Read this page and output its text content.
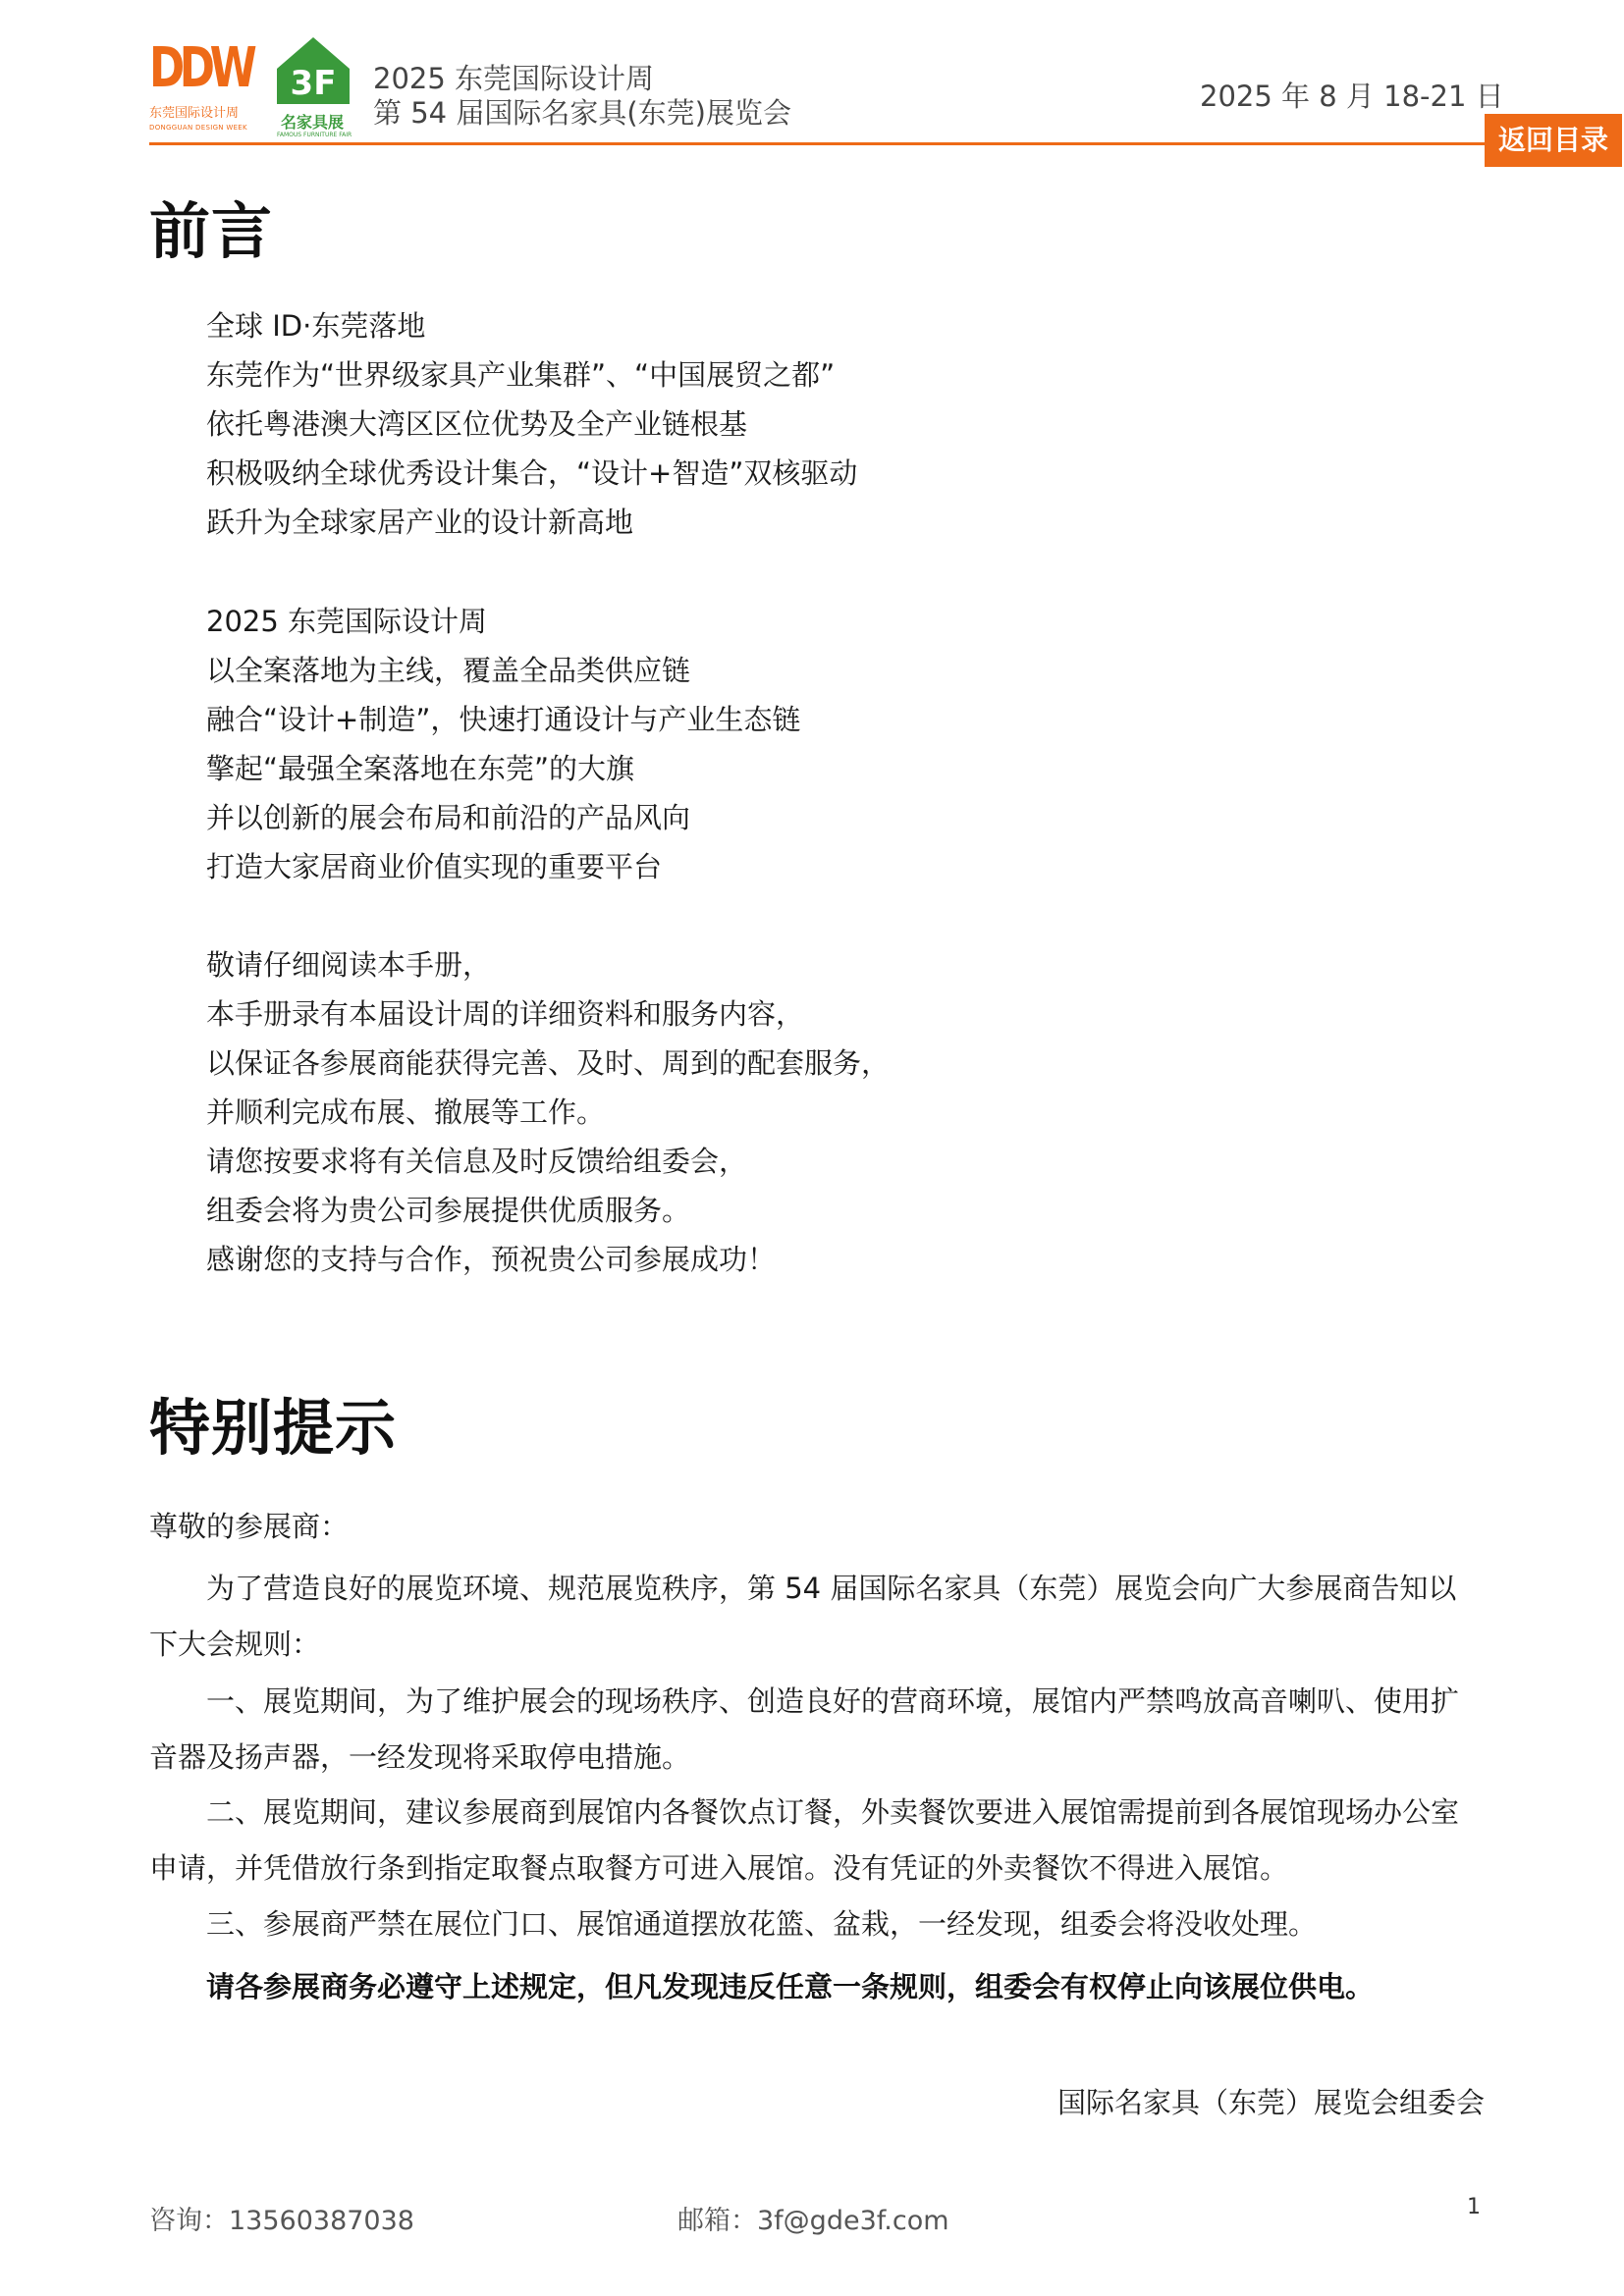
DDW
东莞国际设计周
DONGGUAN DESIGN WEEK
3F
名家具展
FAMOUS FURNITURE FAIR
2025 东莞国际设计周
第 54 届国际名家具(东莞)展览会	2025 年 8 月 18-21 日
返回目录
前言
全球 ID·东莞落地
东莞作为“世界级家具产业集群”、“中国展贸之都”
依托粤港澳大湾区区位优势及全产业链根基
积极吸纳全球优秀设计集合，“设计+智造”双核驱动
跃升为全球家居产业的设计新高地
2025 东莞国际设计周
以全案落地为主线，覆盖全品类供应链
融合“设计+制造”，快速打通设计与产业生态链
擎起“最强全案落地在东莞”的大旗
并以创新的展会布局和前沿的产品风向
打造大家居商业价值实现的重要平台
敬请仔细阅读本手册，
本手册录有本届设计周的详细资料和服务内容，
以保证各参展商能获得完善、及时、周到的配套服务，
并顺利完成布展、撤展等工作。
请您按要求将有关信息及时反馈给组委会，
组委会将为贵公司参展提供优质服务。
感谢您的支持与合作，预祝贵公司参展成功！
特别提示
尊敬的参展商：
为了营造良好的展览环境、规范展览秩序，第 54 届国际名家具（东莞）展览会向广大参展商告知以下大会规则：
一、展览期间，为了维护展会的现场秩序、创造良好的营商环境，展馆内严禁鸣放高音喇叭、使用扩音器及扬声器，一经发现将采取停电措施。
二、展览期间，建议参展商到展馆内各餐饮点订餐，外卖餐饮要进入展馆需提前到各展馆现场办公室申请，并凭借放行条到指定取餐点取餐方可进入展馆。没有凭证的外卖餐饮不得进入展馆。
三、参展商严禁在展位门口、展馆通道摆放花篮、盆栽，一经发现，组委会将没收处理。
请各参展商务必遵守上述规定，但凡发现违反任意一条规则，组委会有权停止向该展位供电。
国际名家具（东莞）展览会组委会
咨询：13560387038	邮箱：3f@gde3f.com	1
